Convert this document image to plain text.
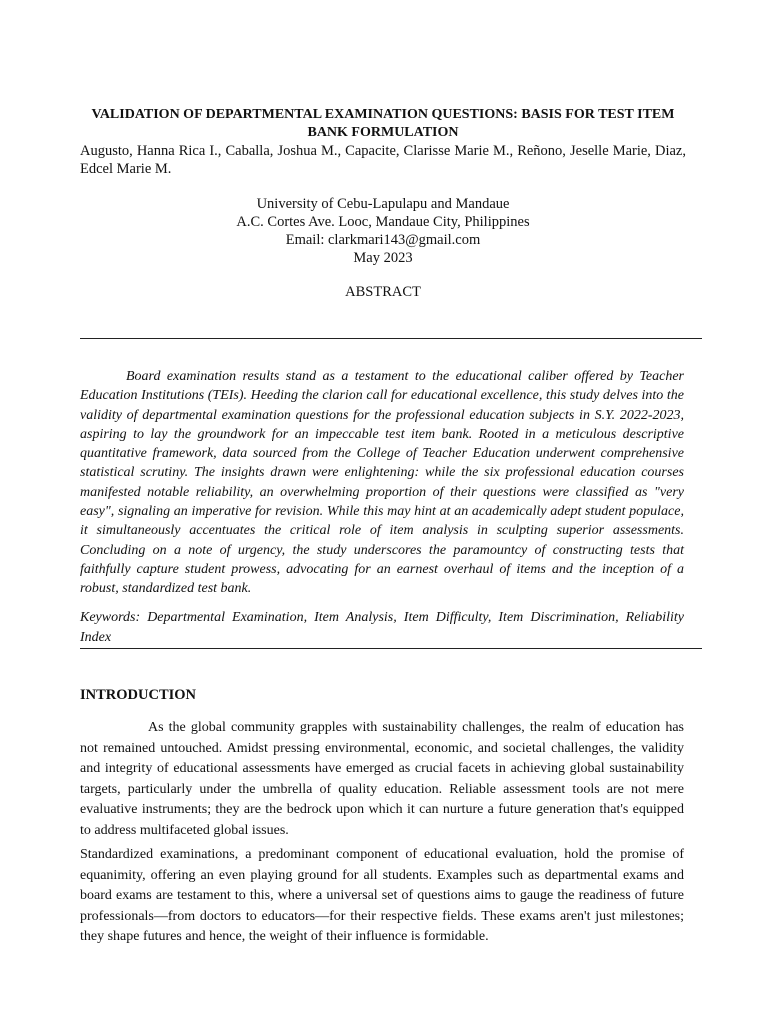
VALIDATION OF DEPARTMENTAL EXAMINATION QUESTIONS: BASIS FOR TEST ITEM BANK FORMULATION
Augusto, Hanna Rica I., Caballa, Joshua M., Capacite, Clarisse Marie M., Reñono, Jeselle Marie, Diaz, Edcel Marie M.
University of Cebu-Lapulapu and Mandaue
A.C. Cortes Ave. Looc, Mandaue City, Philippines
Email: clarkmari143@gmail.com
May 2023
ABSTRACT

Board examination results stand as a testament to the educational caliber offered by Teacher Education Institutions (TEIs). Heeding the clarion call for educational excellence, this study delves into the validity of departmental examination questions for the professional education subjects in S.Y. 2022-2023, aspiring to lay the groundwork for an impeccable test item bank. Rooted in a meticulous descriptive quantitative framework, data sourced from the College of Teacher Education underwent comprehensive statistical scrutiny. The insights drawn were enlightening: while the six professional education courses manifested notable reliability, an overwhelming proportion of their questions were classified as "very easy", signaling an imperative for revision. While this may hint at an academically adept student populace, it simultaneously accentuates the critical role of item analysis in sculpting superior assessments. Concluding on a note of urgency, the study underscores the paramountcy of constructing tests that faithfully capture student prowess, advocating for an earnest overhaul of items and the inception of a robust, standardized test bank.

Keywords: Departmental Examination, Item Analysis, Item Difficulty, Item Discrimination, Reliability Index

INTRODUCTION

As the global community grapples with sustainability challenges, the realm of education has not remained untouched. Amidst pressing environmental, economic, and societal challenges, the validity and integrity of educational assessments have emerged as crucial facets in achieving global sustainability targets, particularly under the umbrella of quality education. Reliable assessment tools are not mere evaluative instruments; they are the bedrock upon which it can nurture a future generation that's equipped to address multifaceted global issues.

Standardized examinations, a predominant component of educational evaluation, hold the promise of equanimity, offering an even playing ground for all students. Examples such as departmental exams and board exams are testament to this, where a universal set of questions aims to gauge the readiness of future professionals—from doctors to educators—for their respective fields. These exams aren't just milestones; they shape futures and hence, the weight of their influence is formidable.
